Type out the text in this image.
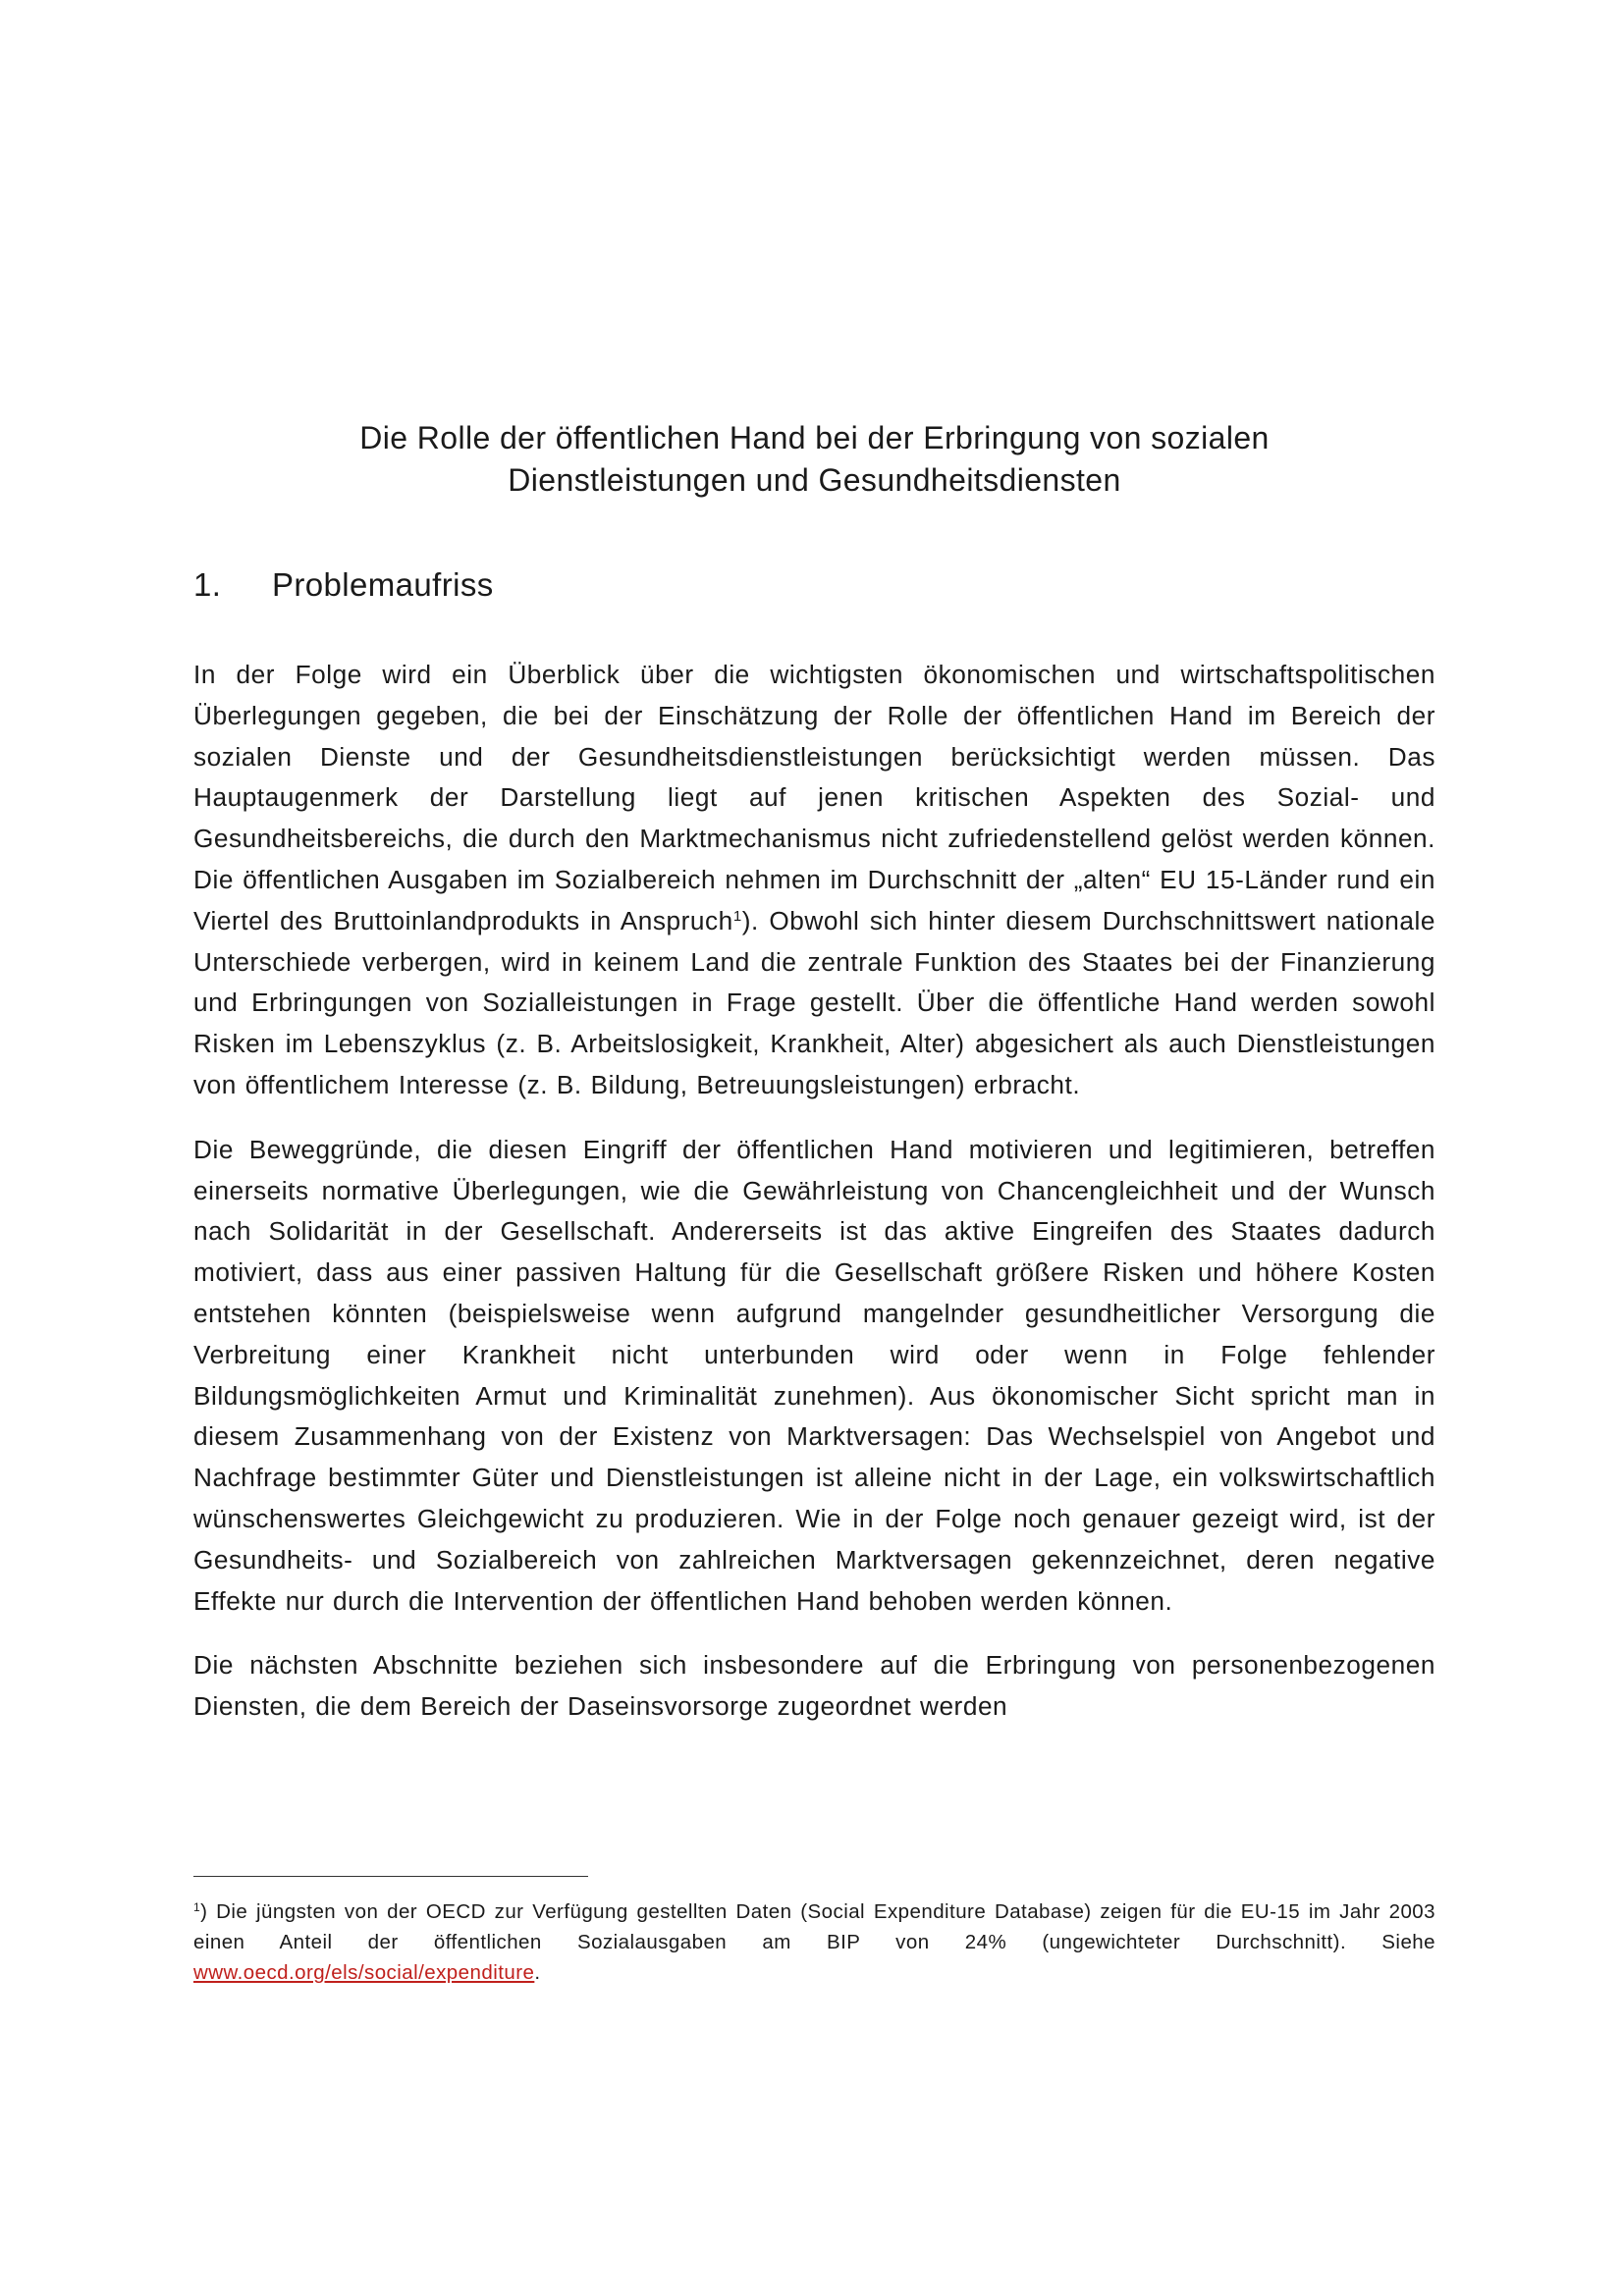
Die Rolle der öffentlichen Hand bei der Erbringung von sozialen
Dienstleistungen und Gesundheitsdiensten
1. Problemaufriss

In der Folge wird ein Überblick über die wichtigsten ökonomischen und wirtschaftspolitischen Überlegungen gegeben, die bei der Einschätzung der Rolle der öffentlichen Hand im Bereich der sozialen Dienste und der Gesundheitsdienstleistungen berücksichtigt werden müssen. Das Hauptaugenmerk der Darstellung liegt auf jenen kritischen Aspekten des Sozial- und Gesundheitsbereichs, die durch den Marktmechanismus nicht zufriedenstellend gelöst werden können. Die öffentlichen Ausgaben im Sozialbereich nehmen im Durchschnitt der „alten“ EU 15-Länder rund ein Viertel des Bruttoinlandprodukts in Anspruch$^1$). Obwohl sich hinter diesem Durchschnittswert nationale Unterschiede verbergen, wird in keinem Land die zentrale Funktion des Staates bei der Finanzierung und Erbringungen von Sozialleistungen in Frage gestellt. Über die öffentliche Hand werden sowohl Risken im Lebenszyklus (z. B. Arbeitslosigkeit, Krankheit, Alter) abgesichert als auch Dienstleistungen von öffentlichem Interesse (z. B. Bildung, Betreuungsleistungen) erbracht.

Die Beweggründe, die diesen Eingriff der öffentlichen Hand motivieren und legitimieren, betreffen einerseits normative Überlegungen, wie die Gewährleistung von Chancengleichheit und der Wunsch nach Solidarität in der Gesellschaft. Andererseits ist das aktive Eingreifen des Staates dadurch motiviert, dass aus einer passiven Haltung für die Gesellschaft größere Risken und höhere Kosten entstehen könnten (beispielsweise wenn aufgrund mangelnder gesundheitlicher Versorgung die Verbreitung einer Krankheit nicht unterbunden wird oder wenn in Folge fehlender Bildungsmöglichkeiten Armut und Kriminalität zunehmen). Aus ökonomischer Sicht spricht man in diesem Zusammenhang von der Existenz von Marktversagen: Das Wechselspiel von Angebot und Nachfrage bestimmter Güter und Dienstleistungen ist alleine nicht in der Lage, ein volkswirtschaftlich wünschenswertes Gleichgewicht zu produzieren. Wie in der Folge noch genauer gezeigt wird, ist der Gesundheits- und Sozialbereich von zahlreichen Marktversagen gekennzeichnet, deren negative Effekte nur durch die Intervention der öffentlichen Hand behoben werden können.

Die nächsten Abschnitte beziehen sich insbesondere auf die Erbringung von personenbezogenen Diensten, die dem Bereich der Daseinsvorsorge zugeordnet werden

$^1$) Die jüngsten von der OECD zur Verfügung gestellten Daten (Social Expenditure Database) zeigen für die EU-15 im Jahr 2003 einen Anteil der öffentlichen Sozialausgaben am BIP von 24% (ungewichteter Durchschnitt). Siehe www.oecd.org/els/social/expenditure.
